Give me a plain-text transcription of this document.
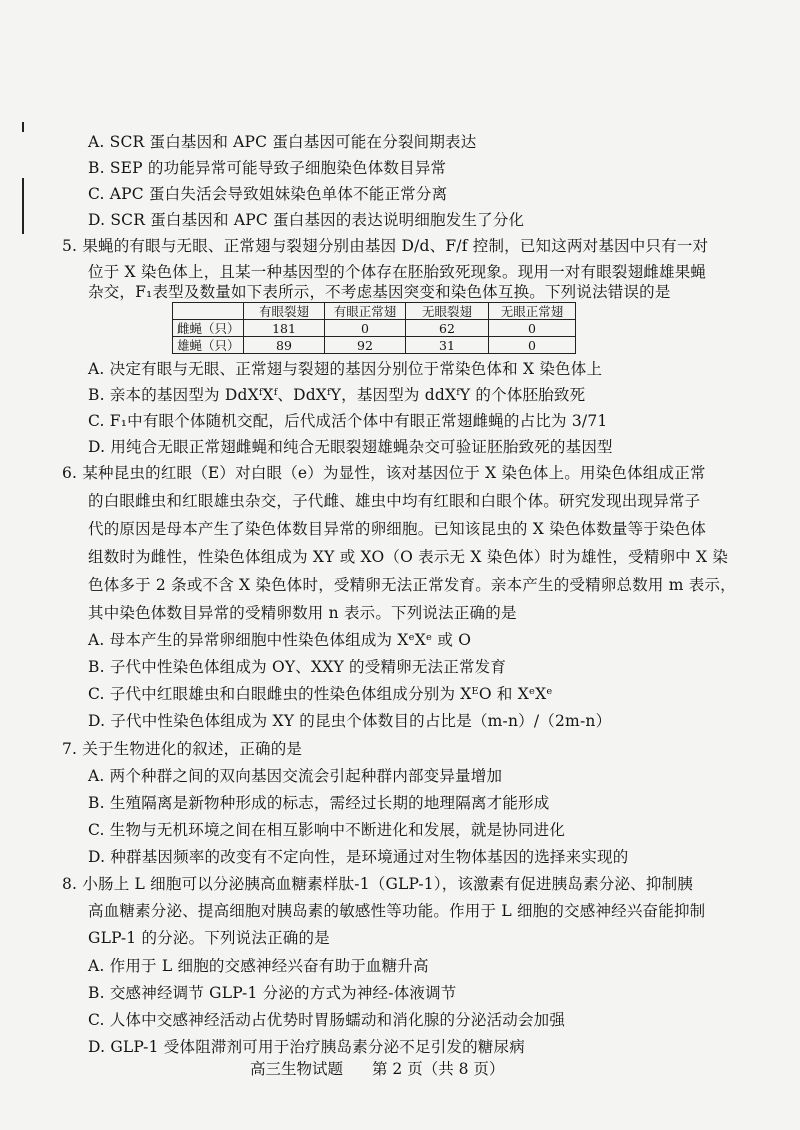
A. SCR 蛋白基因和 APC 蛋白基因可能在分裂间期表达
B. SEP 的功能异常可能导致子细胞染色体数目异常
C. APC 蛋白失活会导致姐妹染色单体不能正常分离
D. SCR 蛋白基因和 APC 蛋白基因的表达说明细胞发生了分化
5. 果蝇的有眼与无眼、正常翅与裂翅分别由基因 D/d、F/f 控制，已知这两对基因中只有一对
位于 X 染色体上，且某一种基因型的个体存在胚胎致死现象。现用一对有眼裂翅雌雄果蝇
杂交，F₁表型及数量如下表所示，不考虑基因突变和染色体互换。下列说法错误的是
	有眼裂翅	有眼正常翅	无眼裂翅	无眼正常翅
雌蝇（只）	181	0	62	0
雄蝇（只）	89	92	31	0
A. 决定有眼与无眼、正常翅与裂翅的基因分别位于常染色体和 X 染色体上
B. 亲本的基因型为 DdXᶠXᶠ、DdXᶠY，基因型为 ddXᶠY 的个体胚胎致死
C. F₁中有眼个体随机交配，后代成活个体中有眼正常翅雌蝇的占比为 3/71
D. 用纯合无眼正常翅雌蝇和纯合无眼裂翅雄蝇杂交可验证胚胎致死的基因型
6. 某种昆虫的红眼（E）对白眼（e）为显性，该对基因位于 X 染色体上。用染色体组成正常
的白眼雌虫和红眼雄虫杂交，子代雌、雄虫中均有红眼和白眼个体。研究发现出现异常子
代的原因是母本产生了染色体数目异常的卵细胞。已知该昆虫的 X 染色体数量等于染色体
组数时为雌性，性染色体组成为 XY 或 XO（O 表示无 X 染色体）时为雄性，受精卵中 X 染
色体多于 2 条或不含 X 染色体时，受精卵无法正常发育。亲本产生的受精卵总数用 m 表示，
其中染色体数目异常的受精卵数用 n 表示。下列说法正确的是
A. 母本产生的异常卵细胞中性染色体组成为 XᵉXᵉ 或 O
B. 子代中性染色体组成为 OY、XXY 的受精卵无法正常发育
C. 子代中红眼雄虫和白眼雌虫的性染色体组成分别为 XᴱO 和 XᵉXᵉ
D. 子代中性染色体组成为 XY 的昆虫个体数目的占比是（m-n）/（2m-n）
7. 关于生物进化的叙述，正确的是
A. 两个种群之间的双向基因交流会引起种群内部变异量增加
B. 生殖隔离是新物种形成的标志，需经过长期的地理隔离才能形成
C. 生物与无机环境之间在相互影响中不断进化和发展，就是协同进化
D. 种群基因频率的改变有不定向性，是环境通过对生物体基因的选择来实现的
8. 小肠上 L 细胞可以分泌胰高血糖素样肽-1（GLP-1），该激素有促进胰岛素分泌、抑制胰
高血糖素分泌、提高细胞对胰岛素的敏感性等功能。作用于 L 细胞的交感神经兴奋能抑制
GLP-1 的分泌。下列说法正确的是
A. 作用于 L 细胞的交感神经兴奋有助于血糖升高
B. 交感神经调节 GLP-1 分泌的方式为神经-体液调节
C. 人体中交感神经活动占优势时胃肠蠕动和消化腺的分泌活动会加强
D. GLP-1 受体阻滞剂可用于治疗胰岛素分泌不足引发的糖尿病
高三生物试题 第 2 页（共 8 页）
